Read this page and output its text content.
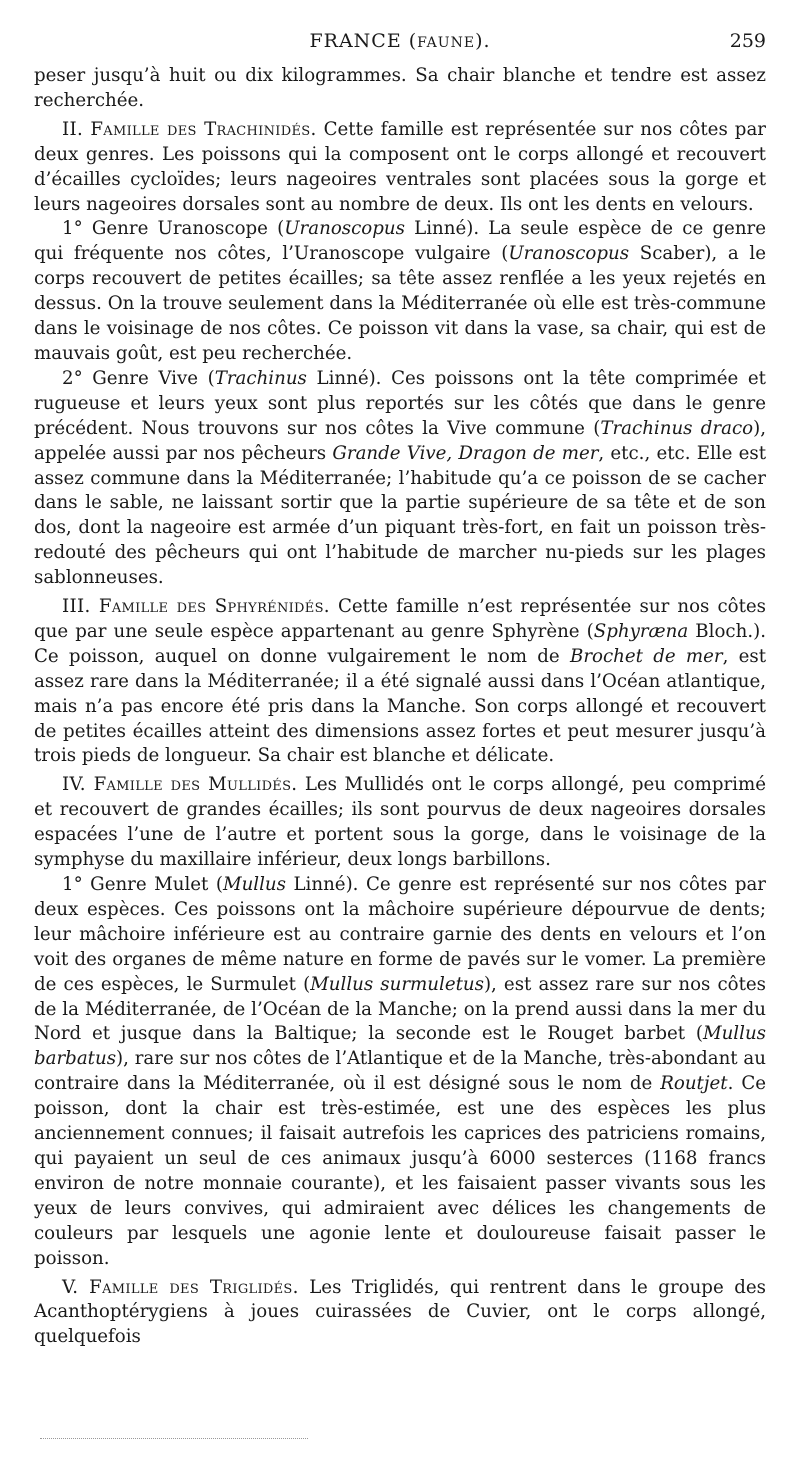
FRANCE (FAUNE).	259

peser jusqu’à huit ou dix kilogrammes. Sa chair blanche et tendre est assez recherchée.

II. Famille des Trachinidés. Cette famille est représentée sur nos côtes par deux genres. Les poissons qui la composent ont le corps allongé et recouvert d’écailles cycloïdes; leurs nageoires ventrales sont placées sous la gorge et leurs nageoires dorsales sont au nombre de deux. Ils ont les dents en velours.

1° Genre Uranoscope (Uranoscopus Linné). La seule espèce de ce genre qui fréquente nos côtes, l’Uranoscope vulgaire (Uranoscopus Scaber), a le corps recouvert de petites écailles; sa tête assez renflée a les yeux rejetés en dessus. On la trouve seulement dans la Méditerranée où elle est très-commune dans le voisinage de nos côtes. Ce poisson vit dans la vase, sa chair, qui est de mauvais goût, est peu recherchée.

2° Genre Vive (Trachinus Linné). Ces poissons ont la tête comprimée et rugueuse et leurs yeux sont plus reportés sur les côtés que dans le genre précédent. Nous trouvons sur nos côtes la Vive commune (Trachinus draco), appelée aussi par nos pêcheurs Grande Vive, Dragon de mer, etc., etc. Elle est assez commune dans la Méditerranée; l’habitude qu’a ce poisson de se cacher dans le sable, ne laissant sortir que la partie supérieure de sa tête et de son dos, dont la nageoire est armée d’un piquant très-fort, en fait un poisson très-redouté des pêcheurs qui ont l’habitude de marcher nu-pieds sur les plages sablonneuses.

III. Famille des Sphyrénidés. Cette famille n’est représentée sur nos côtes que par une seule espèce appartenant au genre Sphyrène (Sphyræna Bloch.). Ce poisson, auquel on donne vulgairement le nom de Brochet de mer, est assez rare dans la Méditerranée; il a été signalé aussi dans l’Océan atlantique, mais n’a pas encore été pris dans la Manche. Son corps allongé et recouvert de petites écailles atteint des dimensions assez fortes et peut mesurer jusqu’à trois pieds de longueur. Sa chair est blanche et délicate.

IV. Famille des Mullidés. Les Mullidés ont le corps allongé, peu comprimé et recouvert de grandes écailles; ils sont pourvus de deux nageoires dorsales espacées l’une de l’autre et portent sous la gorge, dans le voisinage de la symphyse du maxillaire inférieur, deux longs barbillons.

1° Genre Mulet (Mullus Linné). Ce genre est représenté sur nos côtes par deux espèces. Ces poissons ont la mâchoire supérieure dépourvue de dents; leur mâchoire inférieure est au contraire garnie des dents en velours et l’on voit des organes de même nature en forme de pavés sur le vomer. La première de ces espèces, le Surmulet (Mullus surmuletus), est assez rare sur nos côtes de la Méditerranée, de l’Océan de la Manche; on la prend aussi dans la mer du Nord et jusque dans la Baltique; la seconde est le Rouget barbet (Mullus barbatus), rare sur nos côtes de l’Atlantique et de la Manche, très-abondant au contraire dans la Méditerranée, où il est désigné sous le nom de Routjet. Ce poisson, dont la chair est très-estimée, est une des espèces les plus anciennement connues; il faisait autrefois les caprices des patriciens romains, qui payaient un seul de ces animaux jusqu’à 6000 sesterces (1168 francs environ de notre monnaie courante), et les faisaient passer vivants sous les yeux de leurs convives, qui admiraient avec délices les changements de couleurs par lesquels une agonie lente et douloureuse faisait passer le poisson.

V. Famille des Triglidés. Les Triglidés, qui rentrent dans le groupe des Acanthoptérygiens à joues cuirassées de Cuvier, ont le corps allongé, quelquefois
